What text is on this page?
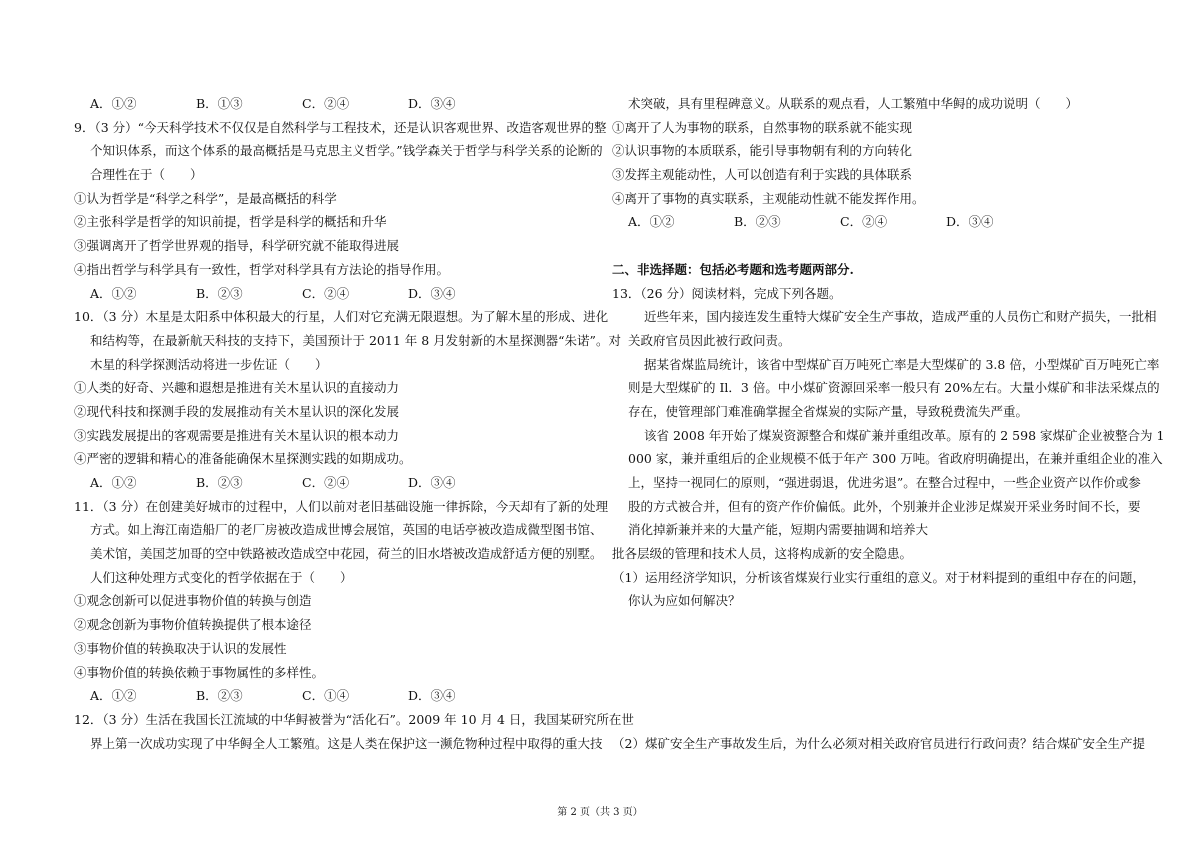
A．①②	B．①③	C．②④	D．③④
9．（3 分）“今天科学技术不仅仅是自然科学与工程技术，还是认识客观世界、改造客观世界的整
个知识体系，而这个体系的最高概括是马克思主义哲学。”钱学森关于哲学与科学关系的论断的
合理性在于（　　）
①认为哲学是“科学之科学”，是最高概括的科学
②主张科学是哲学的知识前提，哲学是科学的概括和升华
③强调离开了哲学世界观的指导，科学研究就不能取得进展
④指出哲学与科学具有一致性，哲学对科学具有方法论的指导作用。
A．①②	B．②③	C．②④	D．③④
10．（3 分）木星是太阳系中体积最大的行星，人们对它充满无限遐想。为了解木星的形成、进化
和结构等，在最新航天科技的支持下，美国预计于 2011 年 8 月发射新的木星探测器“朱诺”。对
木星的科学探测活动将进一步佐证（　　）
①人类的好奇、兴趣和遐想是推进有关木星认识的直接动力
②现代科技和探测手段的发展推动有关木星认识的深化发展
③实践发展提出的客观需要是推进有关木星认识的根本动力
④严密的逻辑和精心的准备能确保木星探测实践的如期成功。
A．①②	B．②③	C．②④	D．③④
11．（3 分）在创建美好城市的过程中，人们以前对老旧基础设施一律拆除，今天却有了新的处理
方式。如上海江南造船厂的老厂房被改造成世博会展馆，英国的电话亭被改造成微型图书馆、
美术馆，美国芝加哥的空中铁路被改造成空中花园，荷兰的旧水塔被改造成舒适方便的别墅。
人们这种处理方式变化的哲学依据在于（　　）
①观念创新可以促进事物价值的转换与创造
②观念创新为事物价值转换提供了根本途径
③事物价值的转换取决于认识的发展性
④事物价值的转换依赖于事物属性的多样性。
A．①②	B．②③	C．①④	D．③④
12．（3 分）生活在我国长江流域的中华鲟被誉为“活化石”。2009 年 10 月 4 日，我国某研究所在世
界上第一次成功实现了中华鲟全人工繁殖。这是人类在保护这一濒危物种过程中取得的重大技
术突破，具有里程碑意义。从联系的观点看，人工繁殖中华鲟的成功说明（　　）
①离开了人为事物的联系，自然事物的联系就不能实现
②认识事物的本质联系，能引导事物朝有利的方向转化
③发挥主观能动性，人可以创造有利于实践的具体联系
④离开了事物的真实联系，主观能动性就不能发挥作用。
A．①②	B．②③	C．②④	D．③④
二、非选择题：包括必考题和选考题两部分.
13．（26 分）阅读材料，完成下列各题。
近些年来，国内接连发生重特大煤矿安全生产事故，造成严重的人员伤亡和财产损失，一批相
关政府官员因此被行政问责。
据某省煤监局统计，该省中型煤矿百万吨死亡率是大型煤矿的 3.8 倍，小型煤矿百万吨死亡率
则是大型煤矿的 Il．3 倍。中小煤矿资源回采率一般只有 20%左右。大量小煤矿和非法采煤点的
存在，使管理部门难准确掌握全省煤炭的实际产量，导致税费流失严重。
该省 2008 年开始了煤炭资源整合和煤矿兼并重组改革。原有的 2 598 家煤矿企业被整合为 1
000 家，兼并重组后的企业规模不低于年产 300 万吨。省政府明确提出，在兼并重组企业的准入
上，坚持一视同仁的原则，“强进弱退，优进劣退”。在整合过程中，一些企业资产以作价或参
股的方式被合并，但有的资产作价偏低。此外，个别兼并企业涉足煤炭开采业务时间不长，要
消化掉新兼并来的大量产能，短期内需要抽调和培养大
批各层级的管理和技术人员，这将构成新的安全隐患。
（1）运用经济学知识，分析该省煤炭行业实行重组的意义。对于材料提到的重组中存在的问题，
你认为应如何解决？
（2）煤矿安全生产事故发生后，为什么必须对相关政府官员进行行政问责？结合煤矿安全生产提
第 2 页（共 3 页）
